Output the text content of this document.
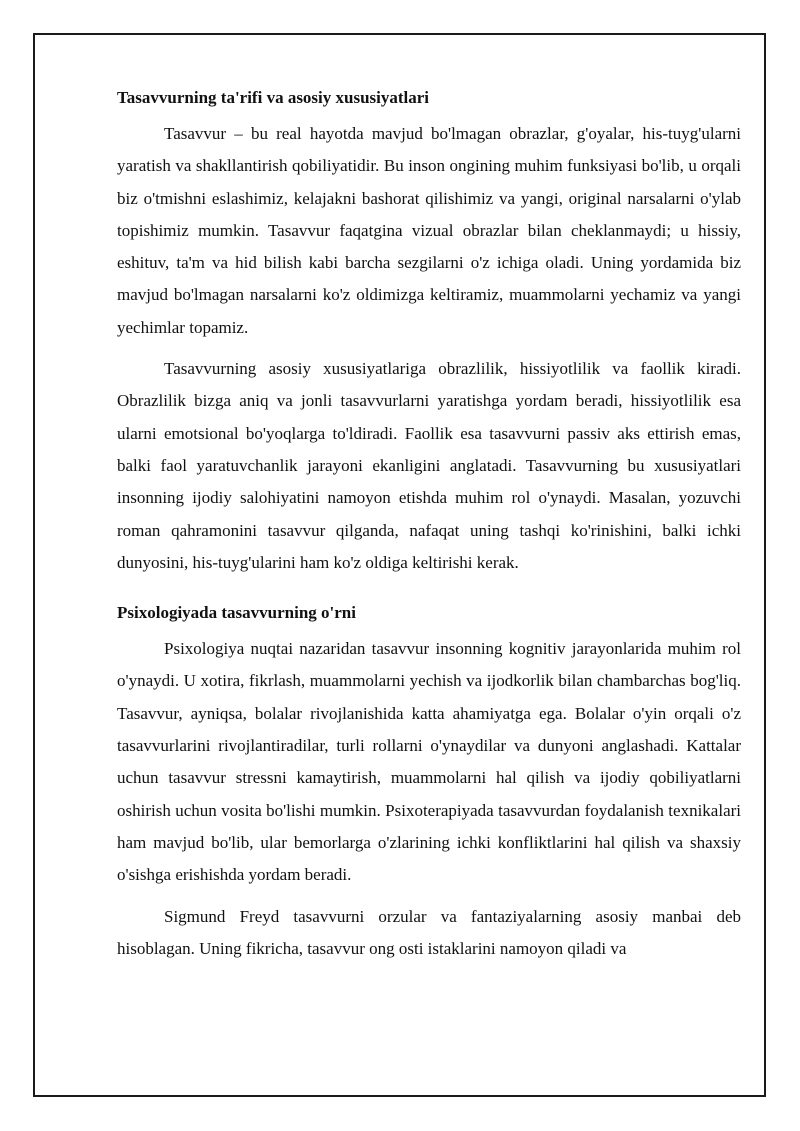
Tasavvurning ta'rifi va asosiy xususiyatlari

Tasavvur – bu real hayotda mavjud bo'lmagan obrazlar, g'oyalar, his-tuyg'ularni yaratish va shakllantirish qobiliyatidir. Bu inson ongining muhim funksiyasi bo'lib, u orqali biz o'tmishni eslashimiz, kelajakni bashorat qilishimiz va yangi, original narsalarni o'ylab topishimiz mumkin. Tasavvur faqatgina vizual obrazlar bilan cheklanmaydi; u hissiy, eshituv, ta'm va hid bilish kabi barcha sezgilarni o'z ichiga oladi. Uning yordamida biz mavjud bo'lmagan narsalarni ko'z oldimizga keltiramiz, muammolarni yechamiz va yangi yechimlar topamiz.

Tasavvurning asosiy xususiyatlariga obrazlilik, hissiyotlilik va faollik kiradi. Obrazlilik bizga aniq va jonli tasavvurlarni yaratishga yordam beradi, hissiyotlilik esa ularni emotsional bo'yoqlarga to'ldiradi. Faollik esa tasavvurni passiv aks ettirish emas, balki faol yaratuvchanlik jarayoni ekanligini anglatadi. Tasavvurning bu xususiyatlari insonning ijodiy salohiyatini namoyon etishda muhim rol o'ynaydi. Masalan, yozuvchi roman qahramonini tasavvur qilganda, nafaqat uning tashqi ko'rinishini, balki ichki dunyosini, his-tuyg'ularini ham ko'z oldiga keltirishi kerak.

Psixologiyada tasavvurning o'rni

Psixologiya nuqtai nazaridan tasavvur insonning kognitiv jarayonlarida muhim rol o'ynaydi. U xotira, fikrlash, muammolarni yechish va ijodkorlik bilan chambarchas bog'liq. Tasavvur, ayniqsa, bolalar rivojlanishida katta ahamiyatga ega. Bolalar o'yin orqali o'z tasavvurlarini rivojlantiradilar, turli rollarni o'ynaydilar va dunyoni anglashadi. Kattalar uchun tasavvur stressni kamaytirish, muammolarni hal qilish va ijodiy qobiliyatlarni oshirish uchun vosita bo'lishi mumkin. Psixoterapiyada tasavvurdan foydalanish texnikalari ham mavjud bo'lib, ular bemorlarga o'zlarining ichki konfliktlarini hal qilish va shaxsiy o'sishga erishishda yordam beradi.

Sigmund Freyd tasavvurni orzular va fantaziyalarning asosiy manbai deb hisoblagan. Uning fikricha, tasavvur ong osti istaklarini namoyon qiladi va
